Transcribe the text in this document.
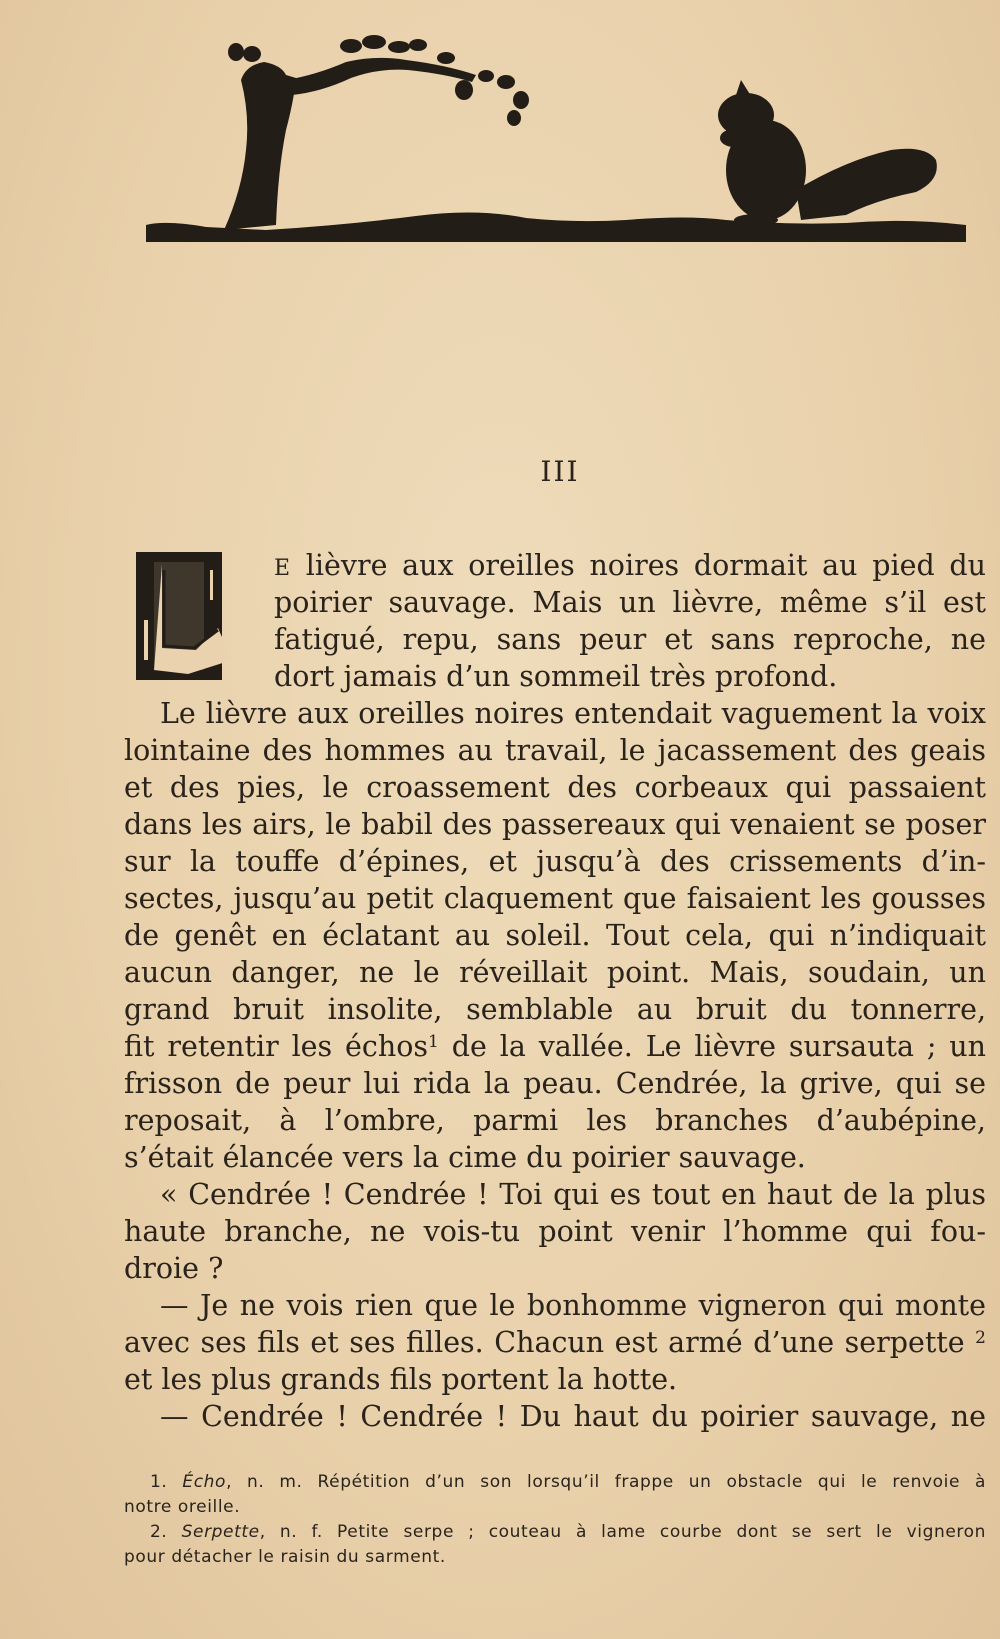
III
E lièvre aux oreilles noires dormait au pied du
poirier sauvage. Mais un lièvre, même s’il est
fatigué, repu, sans peur et sans reproche, ne
dort jamais d’un sommeil très profond.
Le lièvre aux oreilles noires entendait vaguement la voix
lointaine des hommes au travail, le jacassement des geais
et des pies, le croassement des corbeaux qui passaient
dans les airs, le babil des passereaux qui venaient se poser
sur la touffe d’épines, et jusqu’à des crissements d’in-
sectes, jusqu’au petit claquement que faisaient les gousses
de genêt en éclatant au soleil. Tout cela, qui n’indiquait
aucun danger, ne le réveillait point. Mais, soudain, un
grand bruit insolite, semblable au bruit du tonnerre,
fit retentir les échos$^1$ de la vallée. Le lièvre sursauta ; un
frisson de peur lui rida la peau. Cendrée, la grive, qui se
reposait, à l’ombre, parmi les branches d’aubépine,
s’était élancée vers la cime du poirier sauvage.
« Cendrée ! Cendrée ! Toi qui es tout en haut de la plus
haute branche, ne vois-tu point venir l’homme qui fou-
droie ?
— Je ne vois rien que le bonhomme vigneron qui monte
avec ses fils et ses filles. Chacun est armé d’une serpette $^2$
et les plus grands fils portent la hotte.
— Cendrée ! Cendrée ! Du haut du poirier sauvage, ne
1. Écho, n. m. Répétition d’un son lorsqu’il frappe un obstacle qui le renvoie à
notre oreille.
2. Serpette, n. f. Petite serpe ; couteau à lame courbe dont se sert le vigneron
pour détacher le raisin du sarment.
